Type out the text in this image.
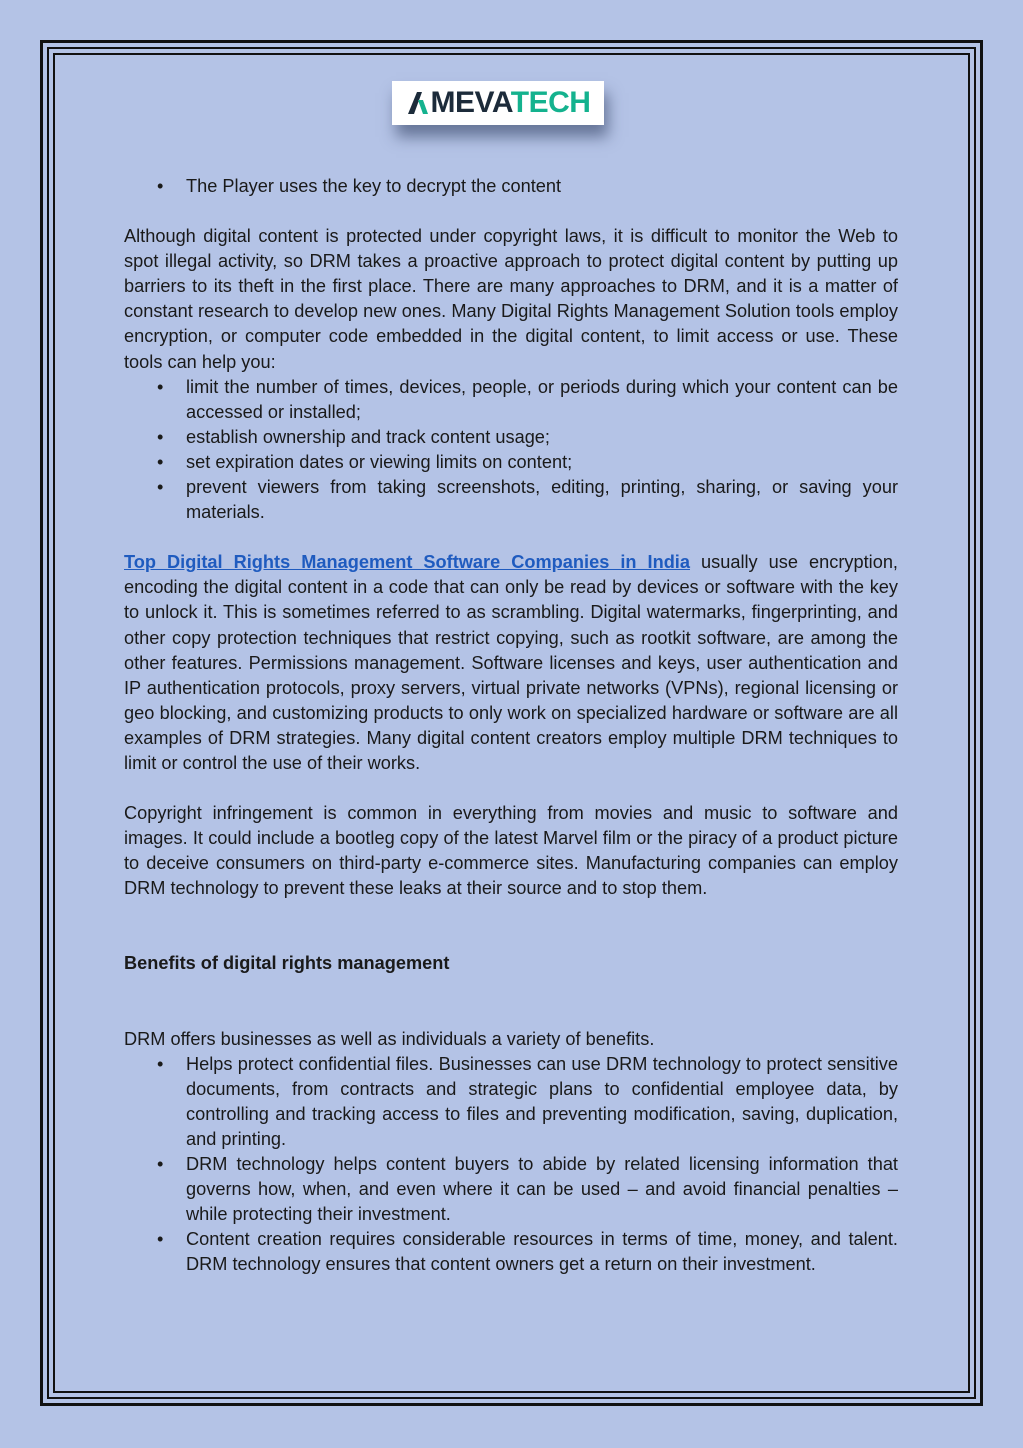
MEVATECH
• The Player uses the key to decrypt the content

Although digital content is protected under copyright laws, it is difficult to monitor the Web to spot illegal activity, so DRM takes a proactive approach to protect digital content by putting up barriers to its theft in the first place. There are many approaches to DRM, and it is a matter of constant research to develop new ones. Many Digital Rights Management Solution tools employ encryption, or computer code embedded in the digital content, to limit access or use. These tools can help you:

• limit the number of times, devices, people, or periods during which your content can be accessed or installed;
• establish ownership and track content usage;
• set expiration dates or viewing limits on content;
• prevent viewers from taking screenshots, editing, printing, sharing, or saving your materials.

Top Digital Rights Management Software Companies in India usually use encryption, encoding the digital content in a code that can only be read by devices or software with the key to unlock it. This is sometimes referred to as scrambling. Digital watermarks, fingerprinting, and other copy protection techniques that restrict copying, such as rootkit software, are among the other features. Permissions management. Software licenses and keys, user authentication and IP authentication protocols, proxy servers, virtual private networks (VPNs), regional licensing or geo blocking, and customizing products to only work on specialized hardware or software are all examples of DRM strategies. Many digital content creators employ multiple DRM techniques to limit or control the use of their works.

Copyright infringement is common in everything from movies and music to software and images. It could include a bootleg copy of the latest Marvel film or the piracy of a product picture to deceive consumers on third-party e-commerce sites. Manufacturing companies can employ DRM technology to prevent these leaks at their source and to stop them.

Benefits of digital rights management

DRM offers businesses as well as individuals a variety of benefits.

• Helps protect confidential files. Businesses can use DRM technology to protect sensitive documents, from contracts and strategic plans to confidential employee data, by controlling and tracking access to files and preventing modification, saving, duplication, and printing.
• DRM technology helps content buyers to abide by related licensing information that governs how, when, and even where it can be used – and avoid financial penalties – while protecting their investment.
• Content creation requires considerable resources in terms of time, money, and talent. DRM technology ensures that content owners get a return on their investment.
